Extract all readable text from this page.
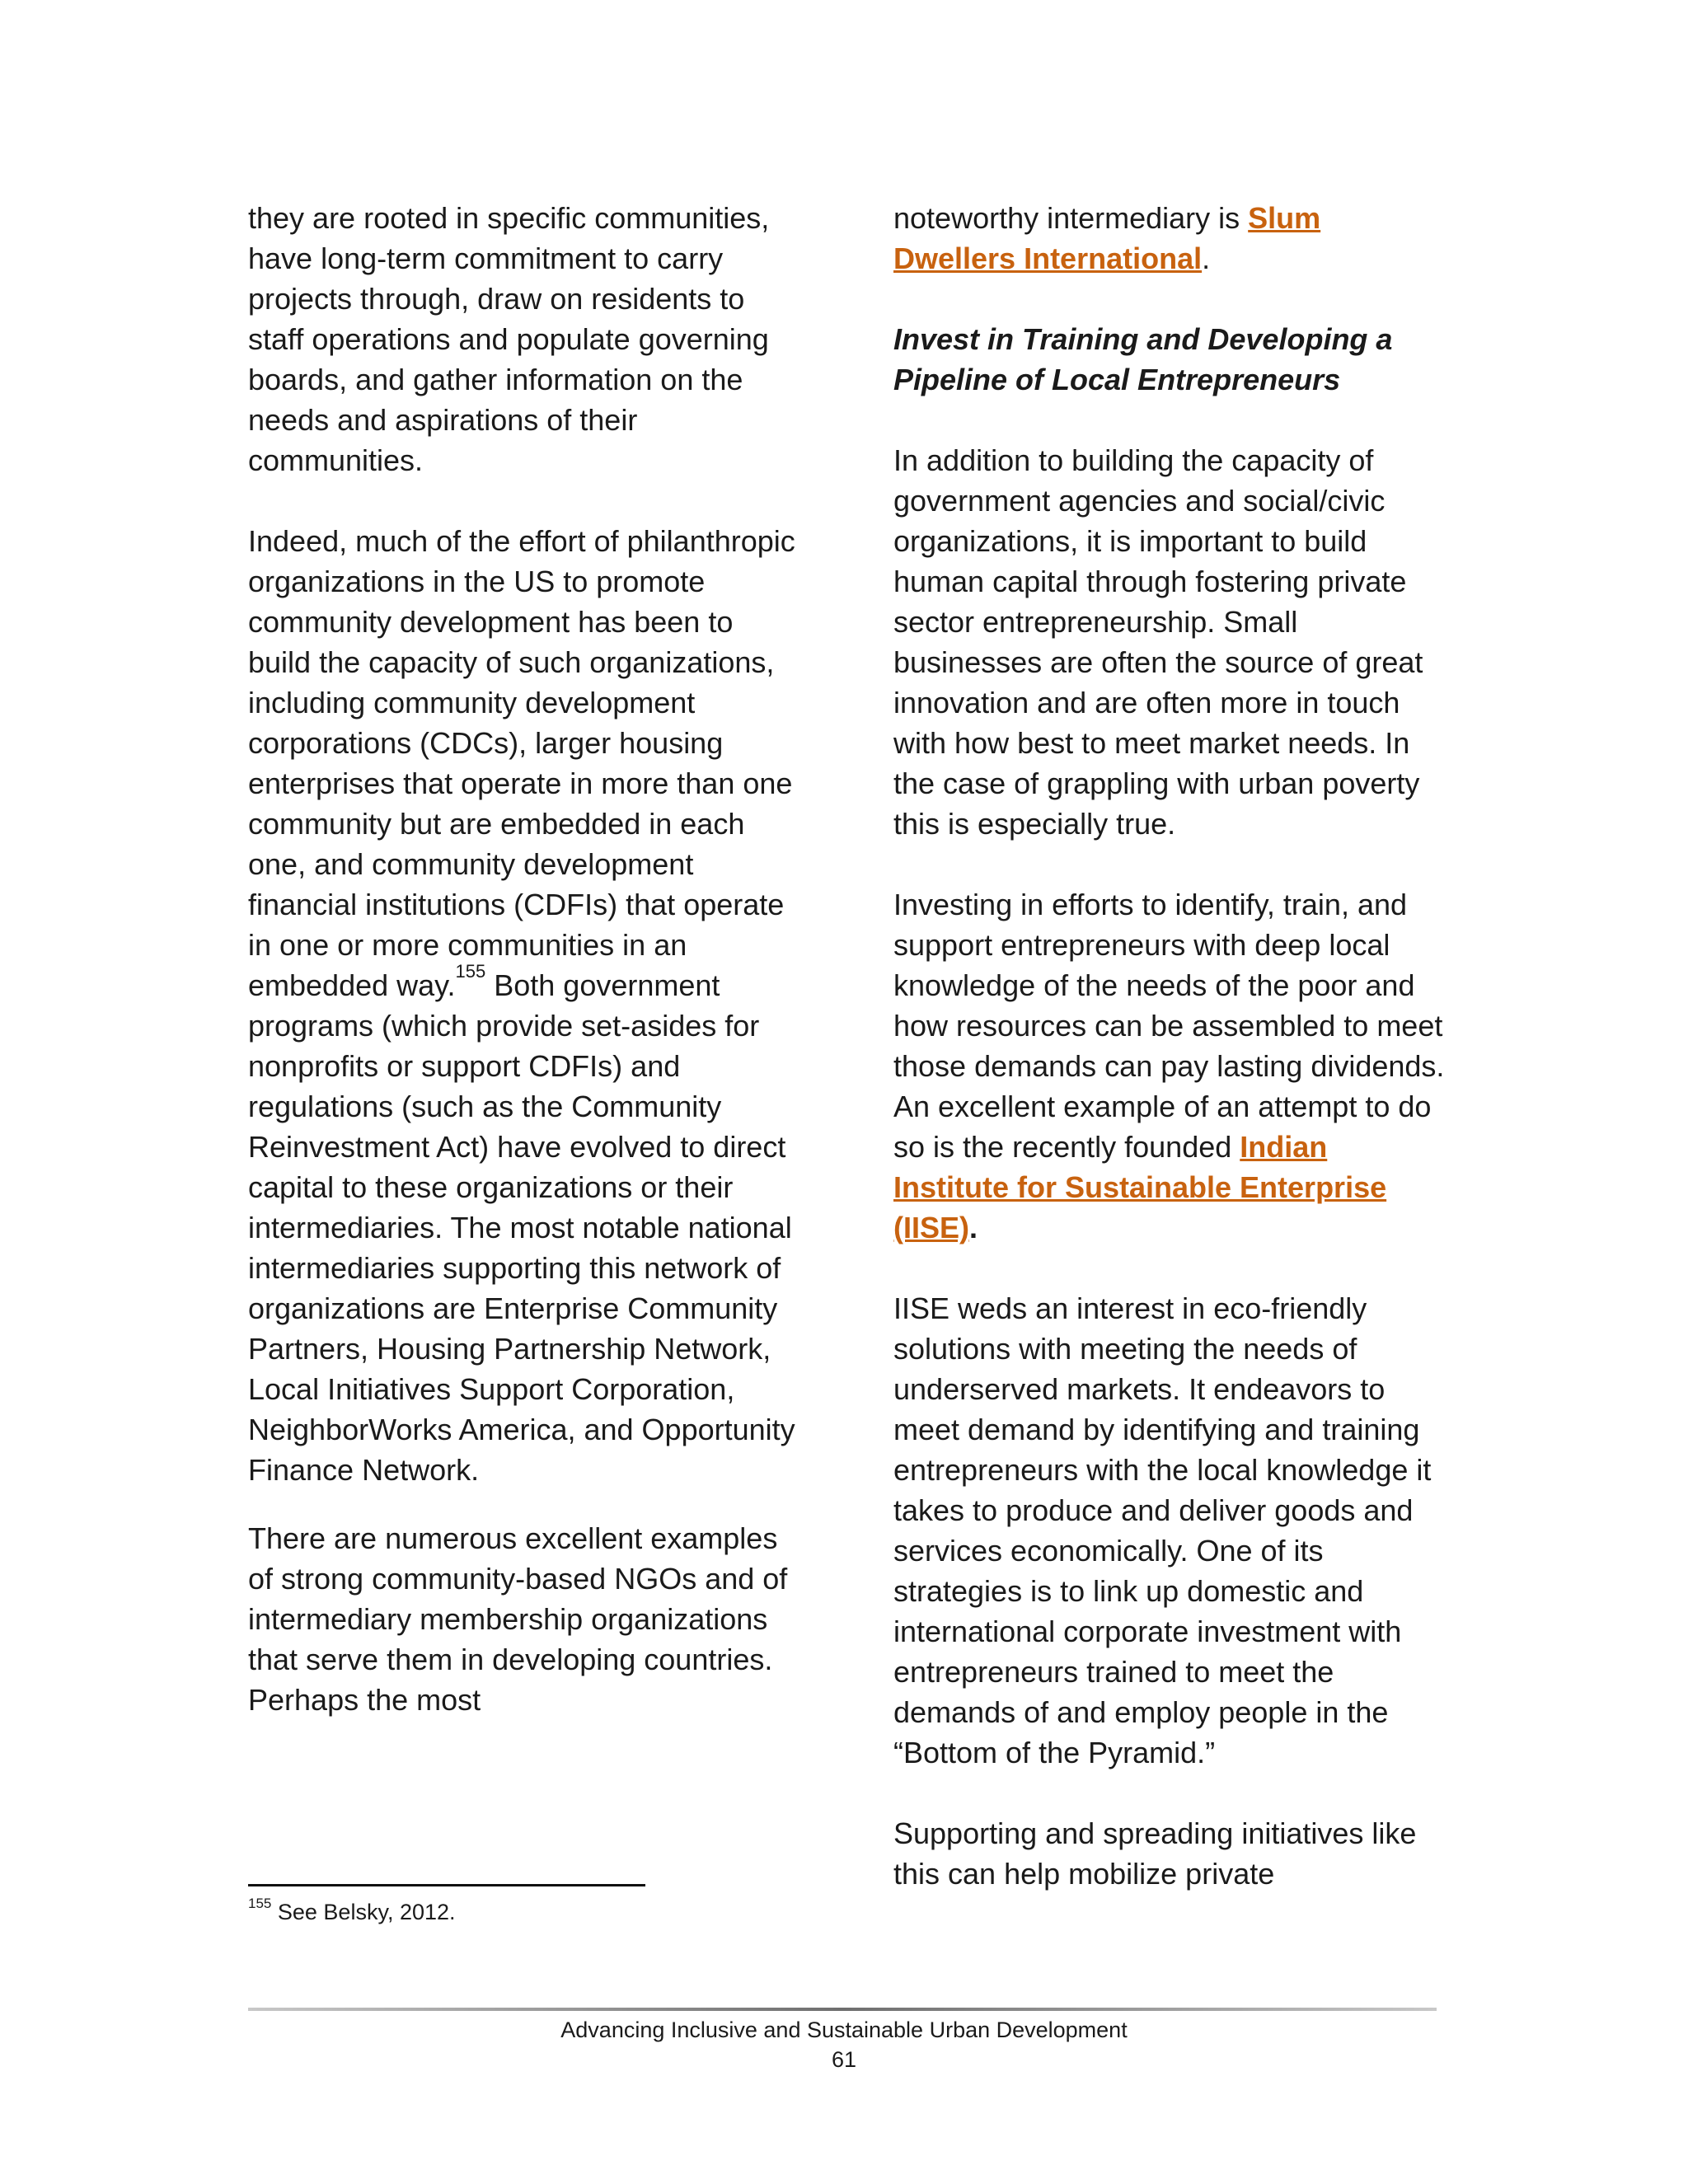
they are rooted in specific communities, have long-term commitment to carry projects through, draw on residents to staff operations and populate governing boards, and gather information on the needs and aspirations of their communities.

Indeed, much of the effort of philanthropic organizations in the US to promote community development has been to build the capacity of such organizations, including community development corporations (CDCs), larger housing enterprises that operate in more than one community but are embedded in each one, and community development financial institutions (CDFIs) that operate in one or more communities in an embedded way.$^{155}$ Both government programs (which provide set-asides for nonprofits or support CDFIs) and regulations (such as the Community Reinvestment Act) have evolved to direct capital to these organizations or their intermediaries. The most notable national intermediaries supporting this network of organizations are Enterprise Community Partners, Housing Partnership Network, Local Initiatives Support Corporation, NeighborWorks America, and Opportunity Finance Network.

There are numerous excellent examples of strong community-based NGOs and of intermediary membership organizations that serve them in developing countries. Perhaps the most

noteworthy intermediary is Slum Dwellers International.

Invest in Training and Developing a Pipeline of Local Entrepreneurs

In addition to building the capacity of government agencies and social/civic organizations, it is important to build human capital through fostering private sector entrepreneurship. Small businesses are often the source of great innovation and are often more in touch with how best to meet market needs. In the case of grappling with urban poverty this is especially true.

Investing in efforts to identify, train, and support entrepreneurs with deep local knowledge of the needs of the poor and how resources can be assembled to meet those demands can pay lasting dividends. An excellent example of an attempt to do so is the recently founded Indian Institute for Sustainable Enterprise (IISE).

IISE weds an interest in eco-friendly solutions with meeting the needs of underserved markets. It endeavors to meet demand by identifying and training entrepreneurs with the local knowledge it takes to produce and deliver goods and services economically. One of its strategies is to link up domestic and international corporate investment with entrepreneurs trained to meet the demands of and employ people in the “Bottom of the Pyramid.”

Supporting and spreading initiatives like this can help mobilize private

$^{155}$ See Belsky, 2012.
Advancing Inclusive and Sustainable Urban Development
61
